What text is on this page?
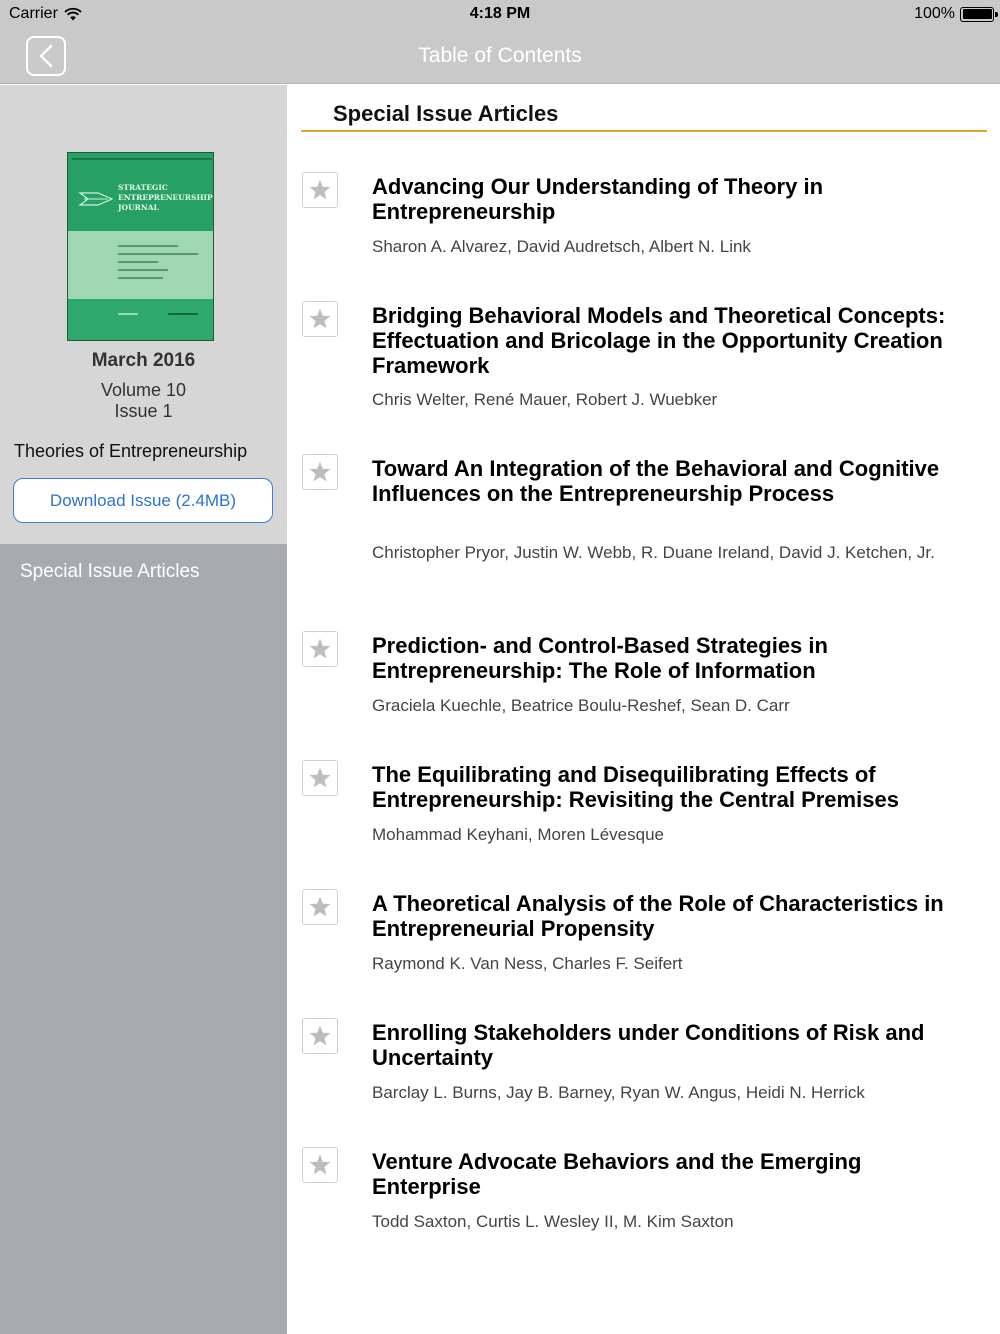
Carrier	4:18 PM	100%
Table of Contents
STRATEGIC
ENTREPRENEURSHIP
JOURNAL
March 2016
Volume 10
Issue 1
Theories of Entrepreneurship
Download Issue (2.4MB)
Special Issue Articles
Special Issue Articles
Advancing Our Understanding of Theory in Entrepreneurship
Sharon A. Alvarez, David Audretsch, Albert N. Link
Bridging Behavioral Models and Theoretical Concepts: Effectuation and Bricolage in the Opportunity Creation Framework
Chris Welter, René Mauer, Robert J. Wuebker
Toward An Integration of the Behavioral and Cognitive Influences on the Entrepreneurship Process
Christopher Pryor, Justin W. Webb, R. Duane Ireland, David J. Ketchen, Jr.
Prediction- and Control-Based Strategies in Entrepreneurship: The Role of Information
Graciela Kuechle, Beatrice Boulu-Reshef, Sean D. Carr
The Equilibrating and Disequilibrating Effects of Entrepreneurship: Revisiting the Central Premises
Mohammad Keyhani, Moren Lévesque
A Theoretical Analysis of the Role of Characteristics in Entrepreneurial Propensity
Raymond K. Van Ness, Charles F. Seifert
Enrolling Stakeholders under Conditions of Risk and Uncertainty
Barclay L. Burns, Jay B. Barney, Ryan W. Angus, Heidi N. Herrick
Venture Advocate Behaviors and the Emerging Enterprise
Todd Saxton, Curtis L. Wesley II, M. Kim Saxton
